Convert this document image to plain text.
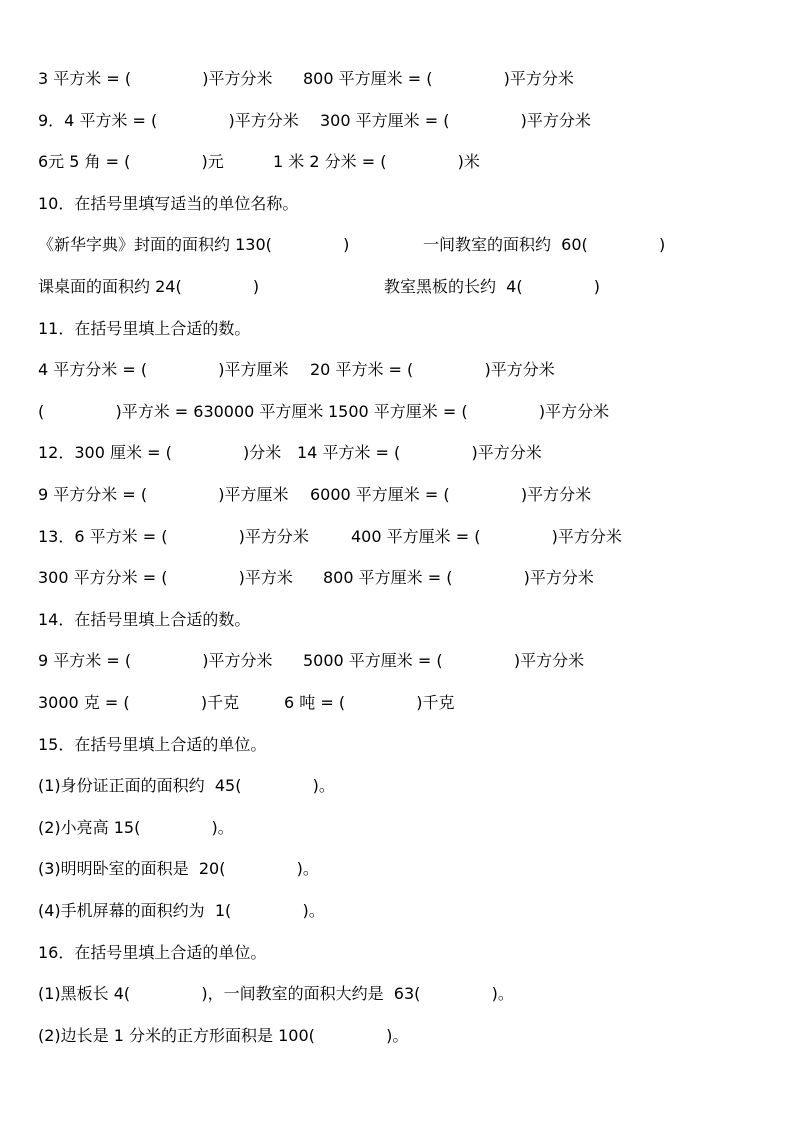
3 平方米 = (              )平方分米

800 平方厘米 = (              )平方分米

9．4 平方米 = (              )平方分米

300 平方厘米 = (              )平方分米

6元 5 角 = (              )元

	1 米 2 分米 = (              )米

10．在括号里填写适当的单位名称。

《新华字典》封面的面积约 130(              )

	一间教室的面积约  60(              )

课桌面的面积约 24(              )

	教室黑板的长约  4(              )

11．在括号里填上合适的数。

4 平方分米 = (              )平方厘米

20 平方米 = (              )平方分米

(              )平方米 = 630000 平方厘米

1500 平方厘米 = (              )平方分米

12．300 厘米 = (              )分米

14 平方米 = (              )平方分米

9 平方分米 = (              )平方厘米

6000 平方厘米 = (              )平方分米

13．6 平方米 = (              )平方分米

	400 平方厘米 = (              )平方分米

300 平方分米 = (              )平方米

800 平方厘米 = (              )平方分米

14．在括号里填上合适的数。

9 平方米 = (              )平方分米

5000 平方厘米 = (              )平方分米

3000 克 = (              )千克

	6 吨 = (              )千克

15．在括号里填上合适的单位。

(1)身份证正面的面积约  45(              )。

(2)小亮高 15(              )。

(3)明明卧室的面积是  20(              )。

(4)手机屏幕的面积约为  1(              )。

16．在括号里填上合适的单位。

(1)黑板长 4(              )，一间教室的面积大约是  63(              )。

(2)边长是 1 分米的正方形面积是 100(              )。
